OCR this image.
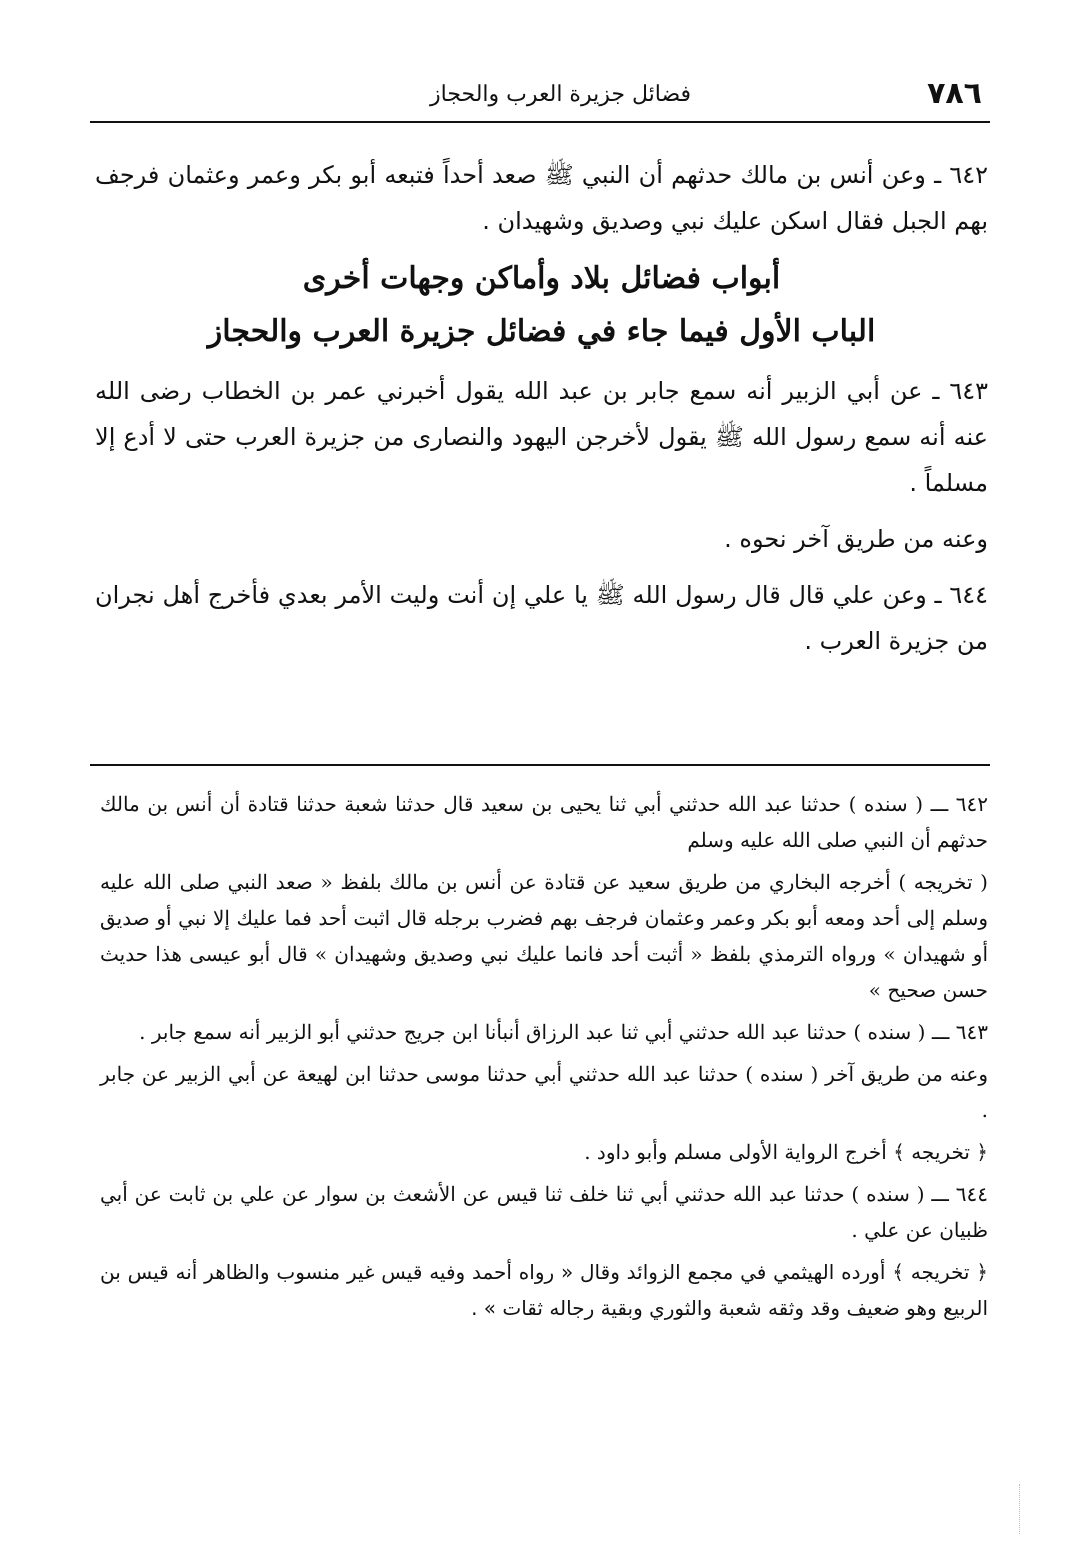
٧٨٦
فضائل جزيرة العرب والحجاز

٦٤٢ ـ وعن أنس بن مالك حدثهم أن النبي ﷺ صعد أحداً فتبعه أبو بكر وعمر وعثمان فرجف بهم الجبل فقال اسكن عليك نبي وصديق وشهيدان .

أبواب فضائل بلاد وأماكن وجهات أخرى
الباب الأول فيما جاء في فضائل جزيرة العرب والحجاز

٦٤٣ ـ عن أبي الزبير أنه سمع جابر بن عبد الله يقول أخبرني عمر بن الخطاب رضى الله عنه أنه سمع رسول الله ﷺ يقول لأخرجن اليهود والنصارى من جزيرة العرب حتى لا أدع إلا مسلماً .

وعنه من طريق آخر نحوه .

٦٤٤ ـ وعن علي قال قال رسول الله ﷺ يا علي إن أنت وليت الأمر بعدي فأخرج أهل نجران من جزيرة العرب .

٦٤٢ ـــ ( سنده ) حدثنا عبد الله حدثني أبي ثنا يحيى بن سعيد قال حدثنا شعبة حدثنا قتادة أن أنس بن مالك حدثهم أن النبي صلى الله عليه وسلم

( تخريجه ) أخرجه البخاري من طريق سعيد عن قتادة عن أنس بن مالك بلفظ « صعد النبي صلى الله عليه وسلم إلى أحد ومعه أبو بكر وعمر وعثمان فرجف بهم فضرب برجله قال اثبت أحد فما عليك إلا نبي أو صديق أو شهيدان » ورواه الترمذي بلفظ « أثبت أحد فانما عليك نبي وصديق وشهيدان » قال أبو عيسى هذا حديث حسن صحيح »

٦٤٣ ـــ ( سنده ) حدثنا عبد الله حدثني أبي ثنا عبد الرزاق أنبأنا ابن جريج حدثني أبو الزبير أنه سمع جابر .

وعنه من طريق آخر ( سنده ) حدثنا عبد الله حدثني أبي حدثنا موسى حدثنا ابن لهيعة عن أبي الزبير عن جابر .

﴿ تخريجه ﴾ أخرج الرواية الأولى مسلم وأبو داود .

٦٤٤ ـــ ( سنده ) حدثنا عبد الله حدثني أبي ثنا خلف ثنا قيس عن الأشعث بن سوار عن علي بن ثابت عن أبي ظبيان عن علي .

﴿ تخريجه ﴾ أورده الهيثمي في مجمع الزوائد وقال « رواه أحمد وفيه قيس غير منسوب والظاهر أنه قيس بن الربيع وهو ضعيف وقد وثقه شعبة والثوري وبقية رجاله ثقات » .
